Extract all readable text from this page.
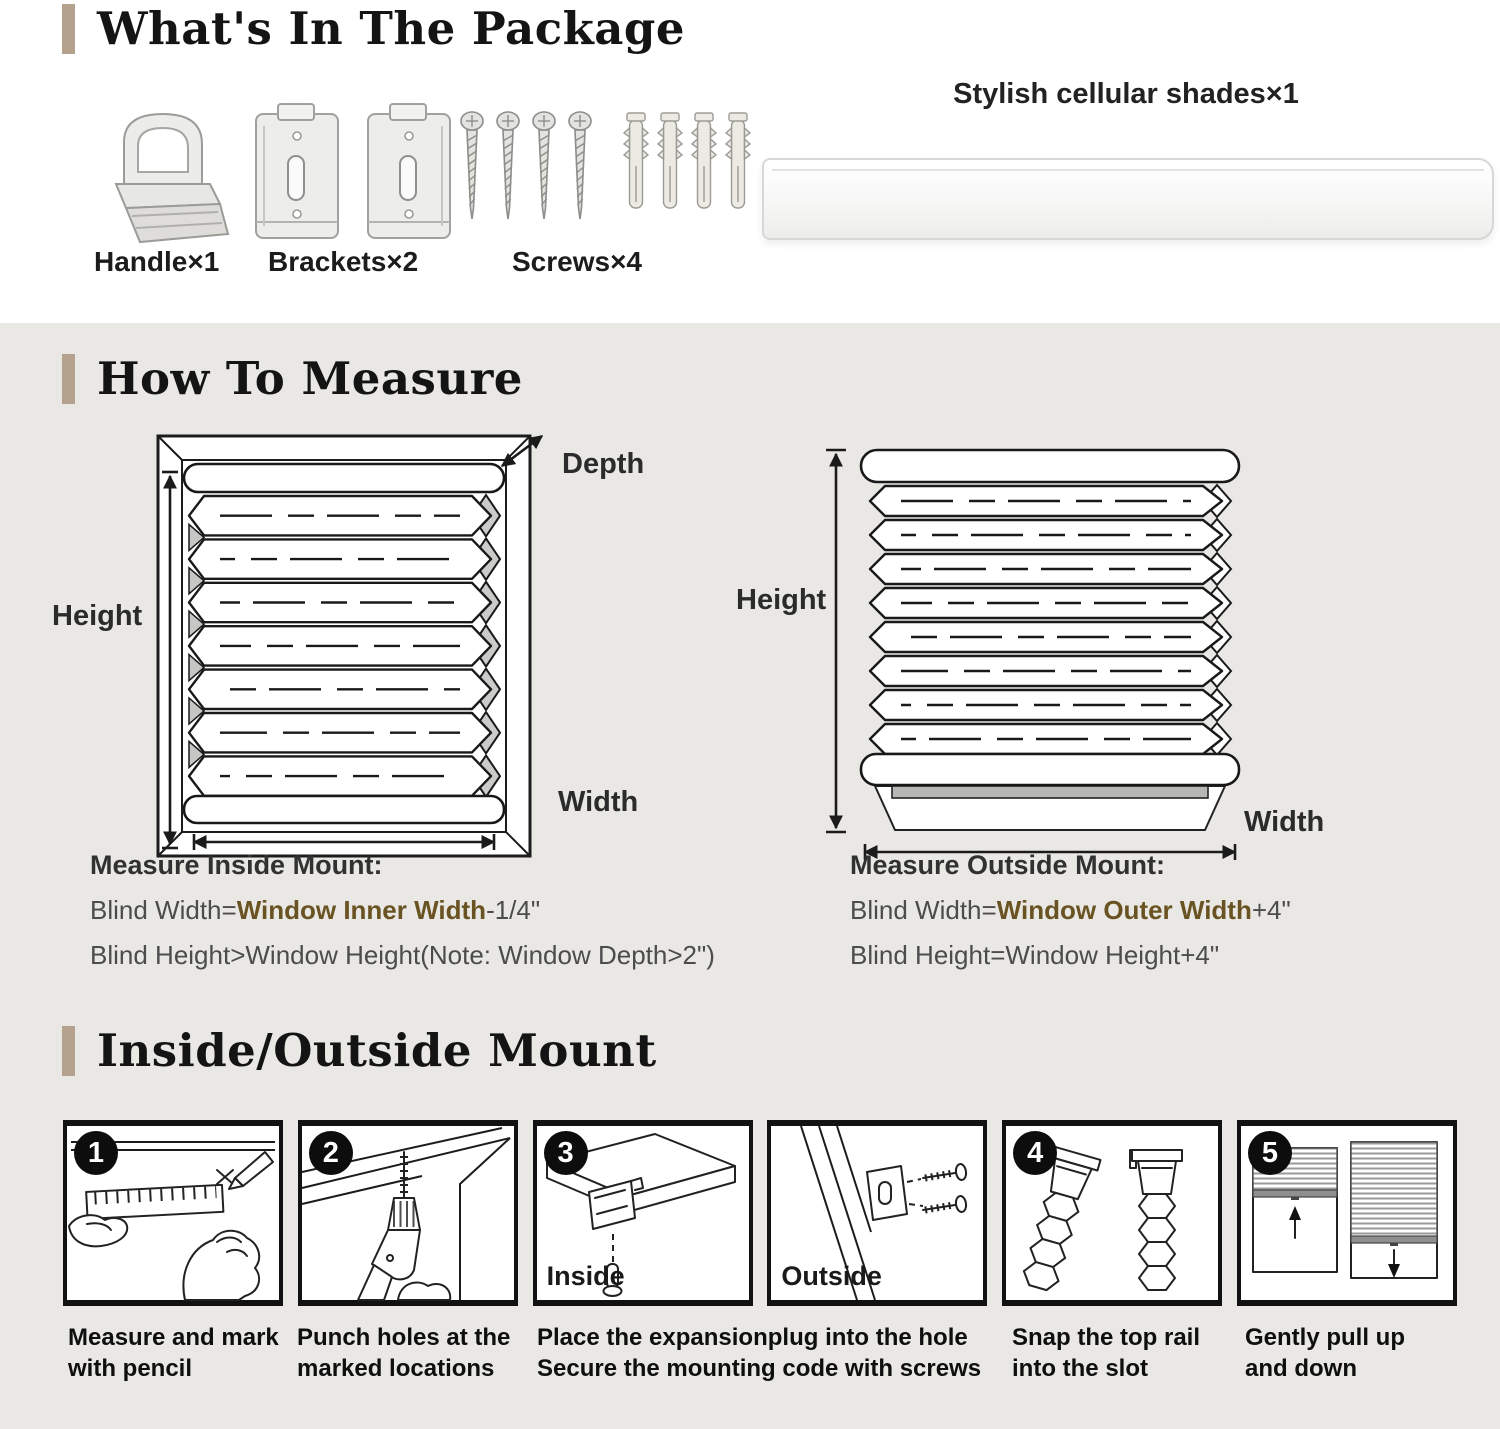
What's In The Package
Handle×1 Brackets×2	Screws×4
Stylish cellular shades×1
How To Measure
Depth
Height
Width
Height
Width
Measure Inside Mount:
Blind Width=Window Inner Width-1/4"
Blind Height>Window Height(Note: Window Depth>2")
Measure Outside Mount:
Blind Width=Window Outer Width+4"
Blind Height=Window Height+4"
Inside/Outside Mount
1	2	3
Inside	Outside
4	5
Measure and mark
with pencil
Punch holes at the
marked locations
Place the expansionplug into the hole
Secure the mounting code with screws
Snap the top rail
into the slot
Gently pull up
and down
